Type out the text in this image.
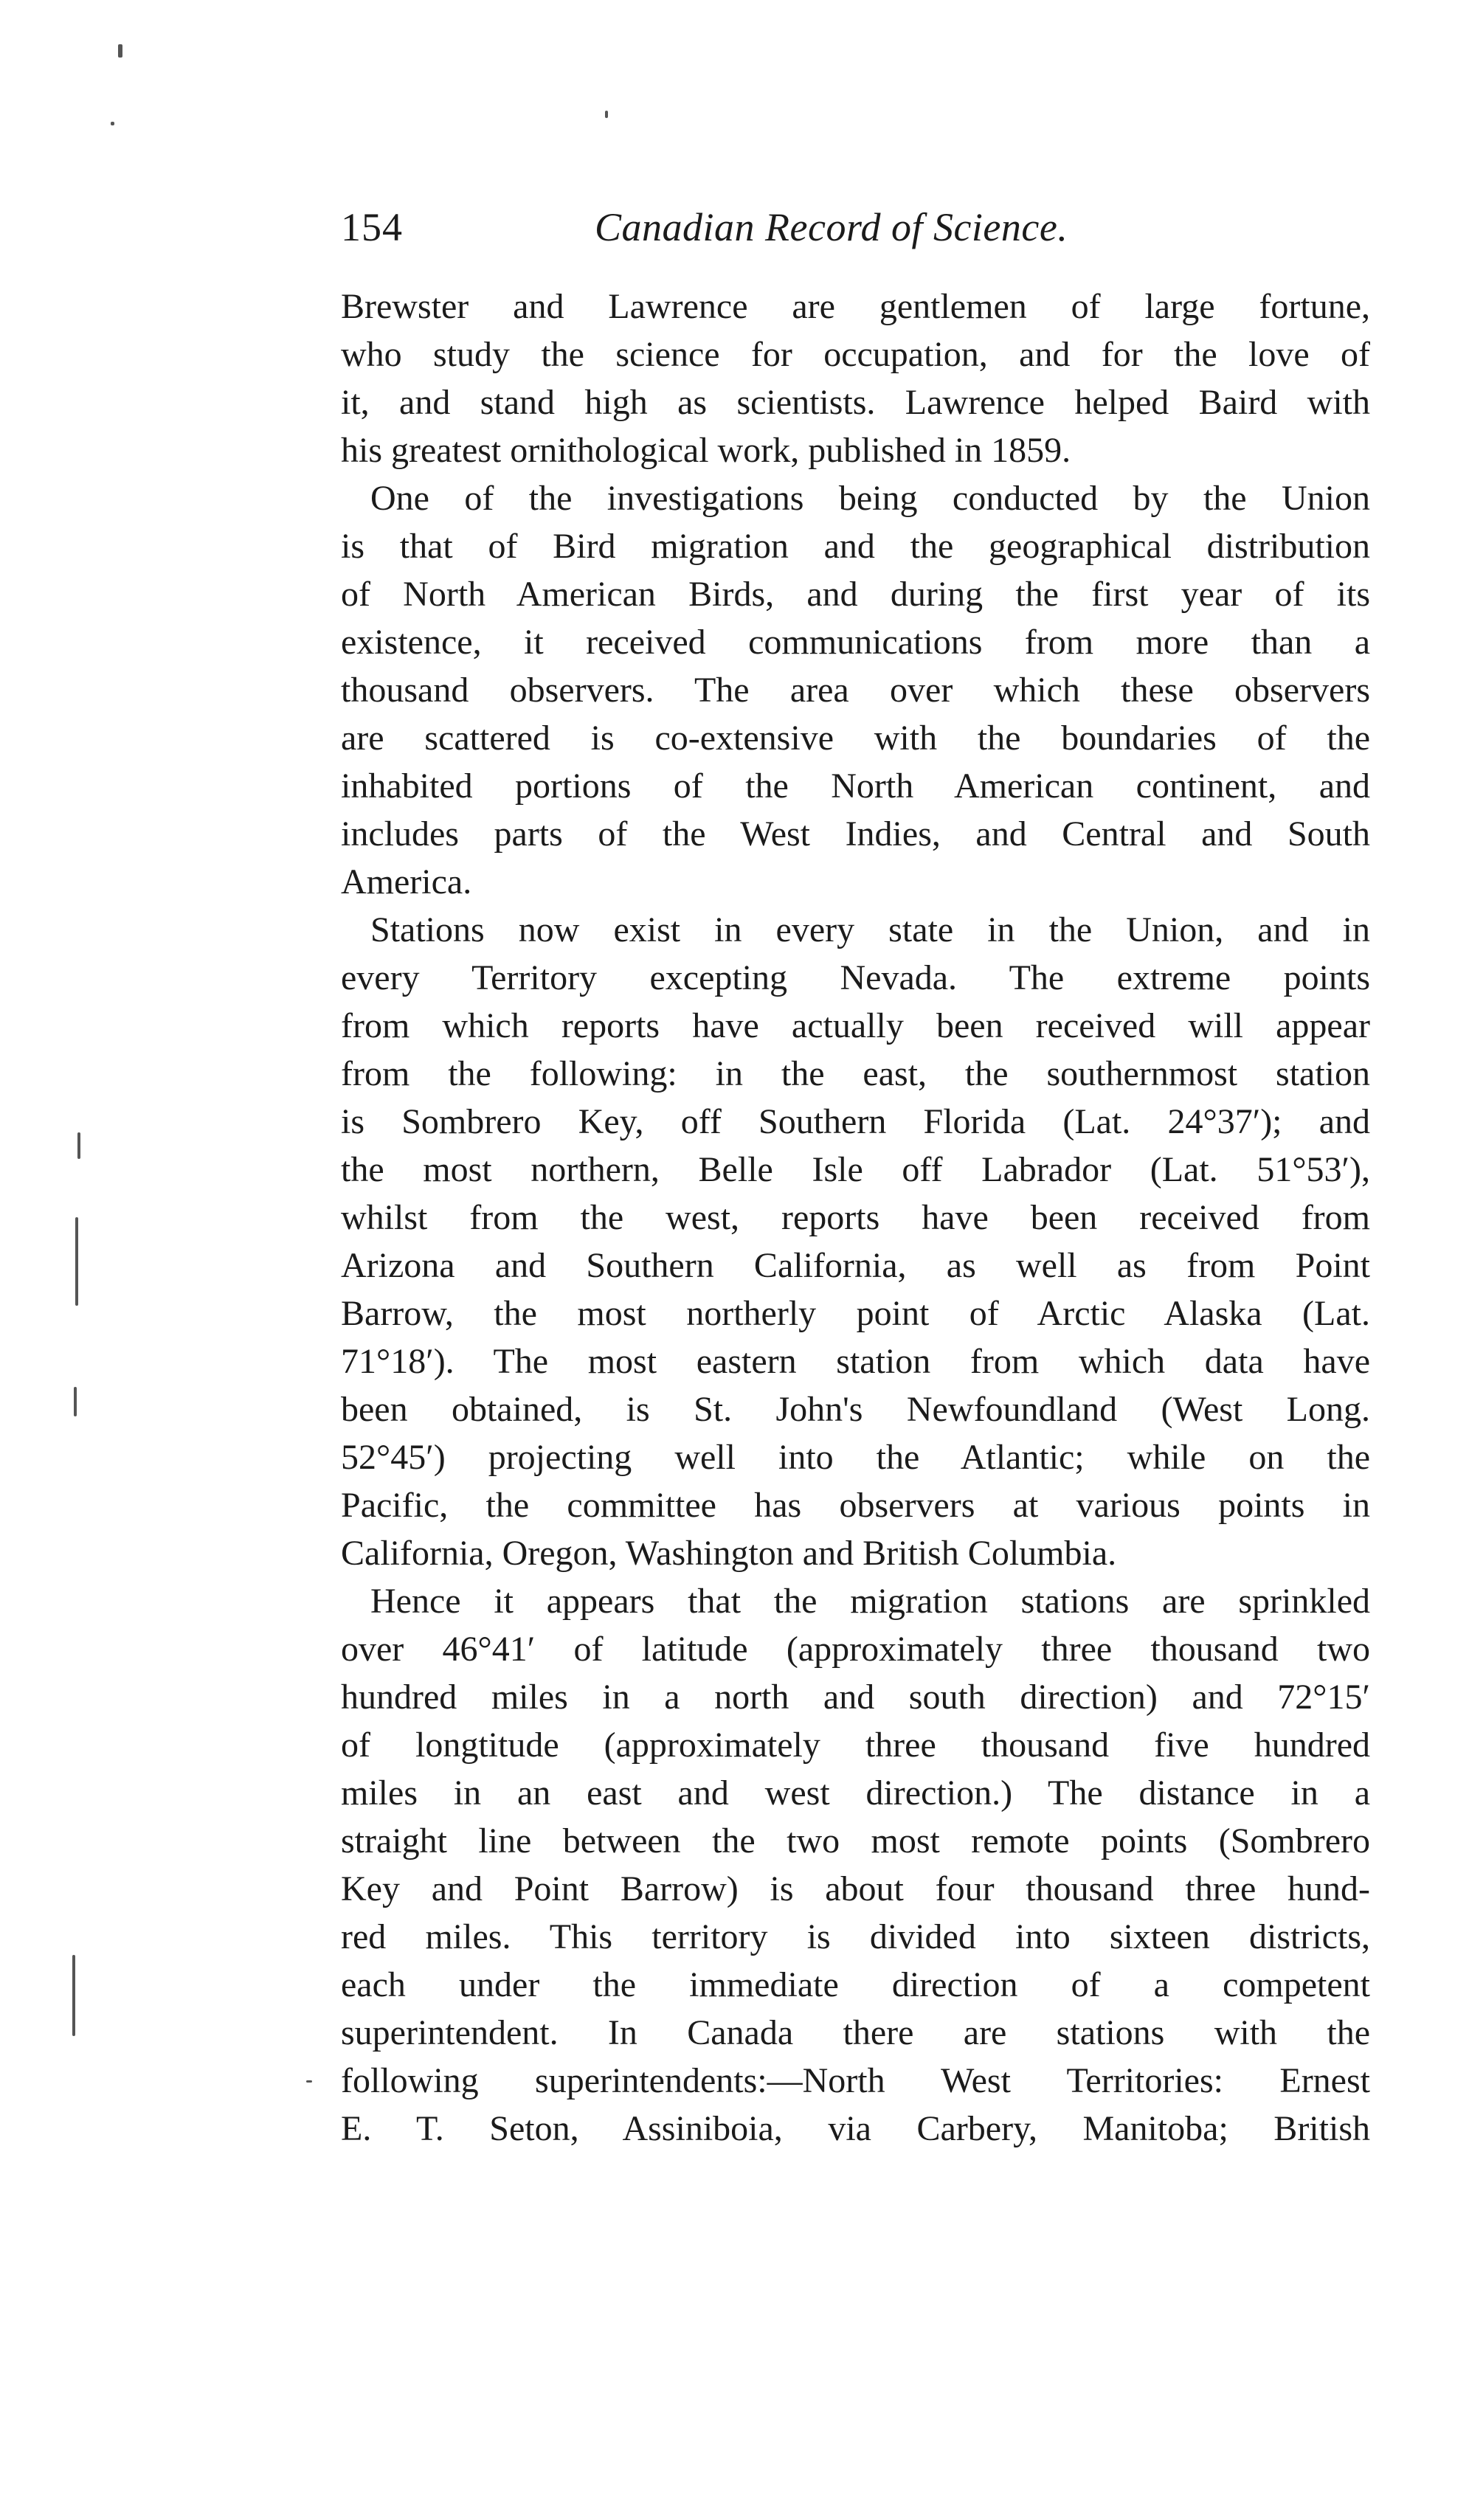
154	Canadian Record of Science.
Brewster and Lawrence are gentlemen of large fortune,
who study the science for occupation, and for the love of
it, and stand high as scientists. Lawrence helped Baird with
his greatest ornithological work, published in 1859.
One of the investigations being conducted by the Union
is that of Bird migration and the geographical distribution
of North American Birds, and during the first year of its
existence, it received communications from more than a
thousand observers. The area over which these observers
are scattered is co-extensive with the boundaries of the
inhabited portions of the North American continent, and
includes parts of the West Indies, and Central and South
America.
Stations now exist in every state in the Union, and in
every Territory excepting Nevada. The extreme points
from which reports have actually been received will appear
from the following: in the east, the southernmost station
is Sombrero Key, off Southern Florida (Lat. 24°37′); and
the most northern, Belle Isle off Labrador (Lat. 51°53′),
whilst from the west, reports have been received from
Arizona and Southern California, as well as from Point
Barrow, the most northerly point of Arctic Alaska (Lat.
71°18′). The most eastern station from which data have
been obtained, is St. John's Newfoundland (West Long.
52°45′) projecting well into the Atlantic; while on the
Pacific, the committee has observers at various points in
California, Oregon, Washington and British Columbia.
Hence it appears that the migration stations are sprinkled
over 46°41′ of latitude (approximately three thousand two
hundred miles in a north and south direction) and 72°15′
of longtitude (approximately three thousand five hundred
miles in an east and west direction.) The distance in a
straight line between the two most remote points (Sombrero
Key and Point Barrow) is about four thousand three hund-
red miles. This territory is divided into sixteen districts,
each under the immediate direction of a competent
superintendent. In Canada there are stations with the
following superintendents:—North West Territories: Ernest
E. T. Seton, Assiniboia, via Carbery, Manitoba; British
